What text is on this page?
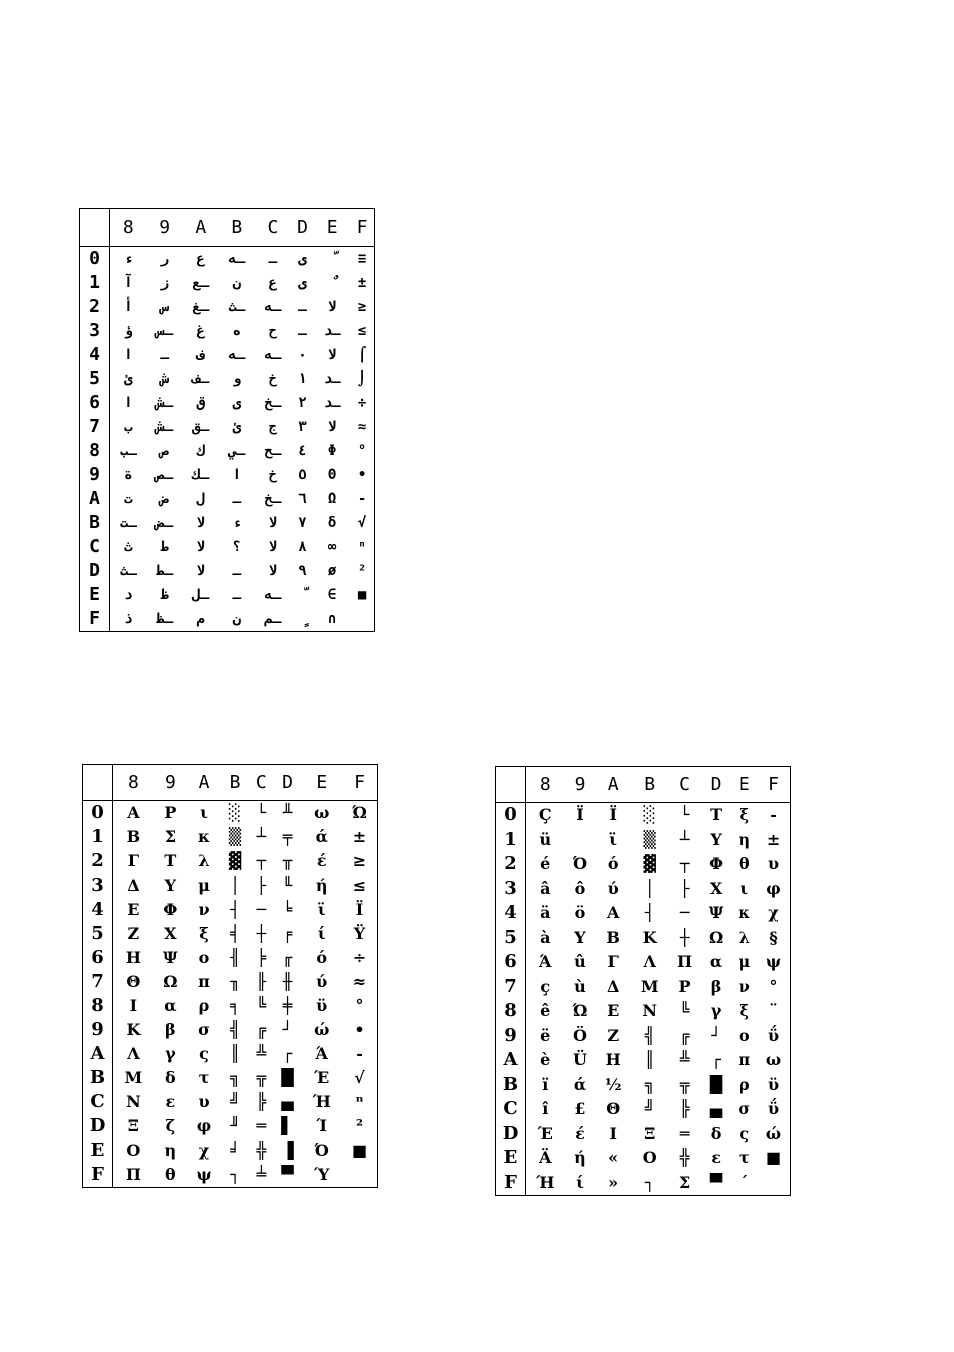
	8	9	A	B	C	D	E	F
0	ء	ر	ع	ـه	ـ	ى		≡
1	آ	ز	ـع	ن	ع	ى		±
2	أ	س	ـغ	ـث	ـه	ـ	لا	≥
3	ؤ	ـس	غ	ه	ح	ـ	ـد	≤
4	ا	ـ	ف	ـه	ـه	٠	لا	⌠
5	ئ	ش	ـف	و	خ	١	ـد	⌡
6	ا	ـش	ق	ى	ـخ	٢	ـد	÷
7	ب	ـش	ـق	ئ	ج	٣	لا	≈
8	ـب	ص	ك	ـي	ـح	٤	Φ	°
9	ة	ـص	ـك	ا	خ	٥	Θ	•
A	ت	ض	ل	ـ	ـخ	٦	Ω	-
B	ـت	ـض	لا	ء	لا	٧	δ	√
C	ث	ط	لا	؟	لا	٨	∞	ⁿ
D	ـث	ـط	لا	ـ	لا	٩	ø	²
E	د	ظ	ـل	ـ	ـه		∈	■
F	ذ	ـظ	م	ن	ـم		∩	
	8	9	A	B	C	D	E	F
0	Α	Ρ	ι	░	└	╨	ω	Ώ
1	Β	Σ	κ	▒	┴	╤	ά	±
2	Γ	Τ	λ	▓	┬	╥	έ	≥
3	Δ	Υ	μ	│	├	╙	ή	≤
4	Ε	Φ	ν	┤	─	╘	ϊ	Ϊ
5	Ζ	Χ	ξ	╡	┼	╒	ί	Ϋ
6	Η	Ψ	ο	╢	╞	╓	ό	÷
7	Θ	Ω	π	╖	╟	╫	ύ	≈
8	Ι	α	ρ	╕	╚	╪	ϋ	°
9	Κ	β	σ	╣	╔	┘	ώ	•
A	Λ	γ	ς	║	╩	┌	Ά	-
B	Μ	δ	τ	╗	╦	█	Έ	√
C	Ν	ε	υ	╝	╠	▄	Ή	ⁿ
D	Ξ	ζ	φ	╜	═	▌	Ί	²
E	Ο	η	χ	╛	╬	▐	Ό	■
F	Π	θ	ψ	┐	╧	▀	Ύ	
	8	9	A	B	C	D	E	F
0	Ç	Ï	Ϊ	░	└	Τ	ξ	-
1	ü		ϊ	▒	┴	Υ	η	±
2	é	Ό	ό	▓	┬	Φ	θ	υ
3	â	ô	ύ	│	├	Χ	ι	φ
4	ä	ö	Α	┤	─	Ψ	κ	χ
5	à	Υ	Β	Κ	┼	Ω	λ	§
6	Ά	û	Γ	Λ	Π	α	μ	ψ
7	ç	ù	Δ	Μ	Ρ	β	ν	°
8	ê	Ώ	Ε	Ν	╚	γ	ξ	¨
9	ë	Ö	Ζ	╣	╔	┘	ο	ΰ
A	è	Ü	Η	║	╩	┌	π	ω
B	ï	ά	½	╗	╦	█	ρ	ϋ
C	î	£	Θ	╝	╠	▄	σ	ΰ
D	Έ	έ	Ι	Ξ	═	δ	ς	ώ
E	Ä	ή	«	Ο	╬	ε	τ	■
F	Ή	ί	»	┐	Σ	▀	΄	
